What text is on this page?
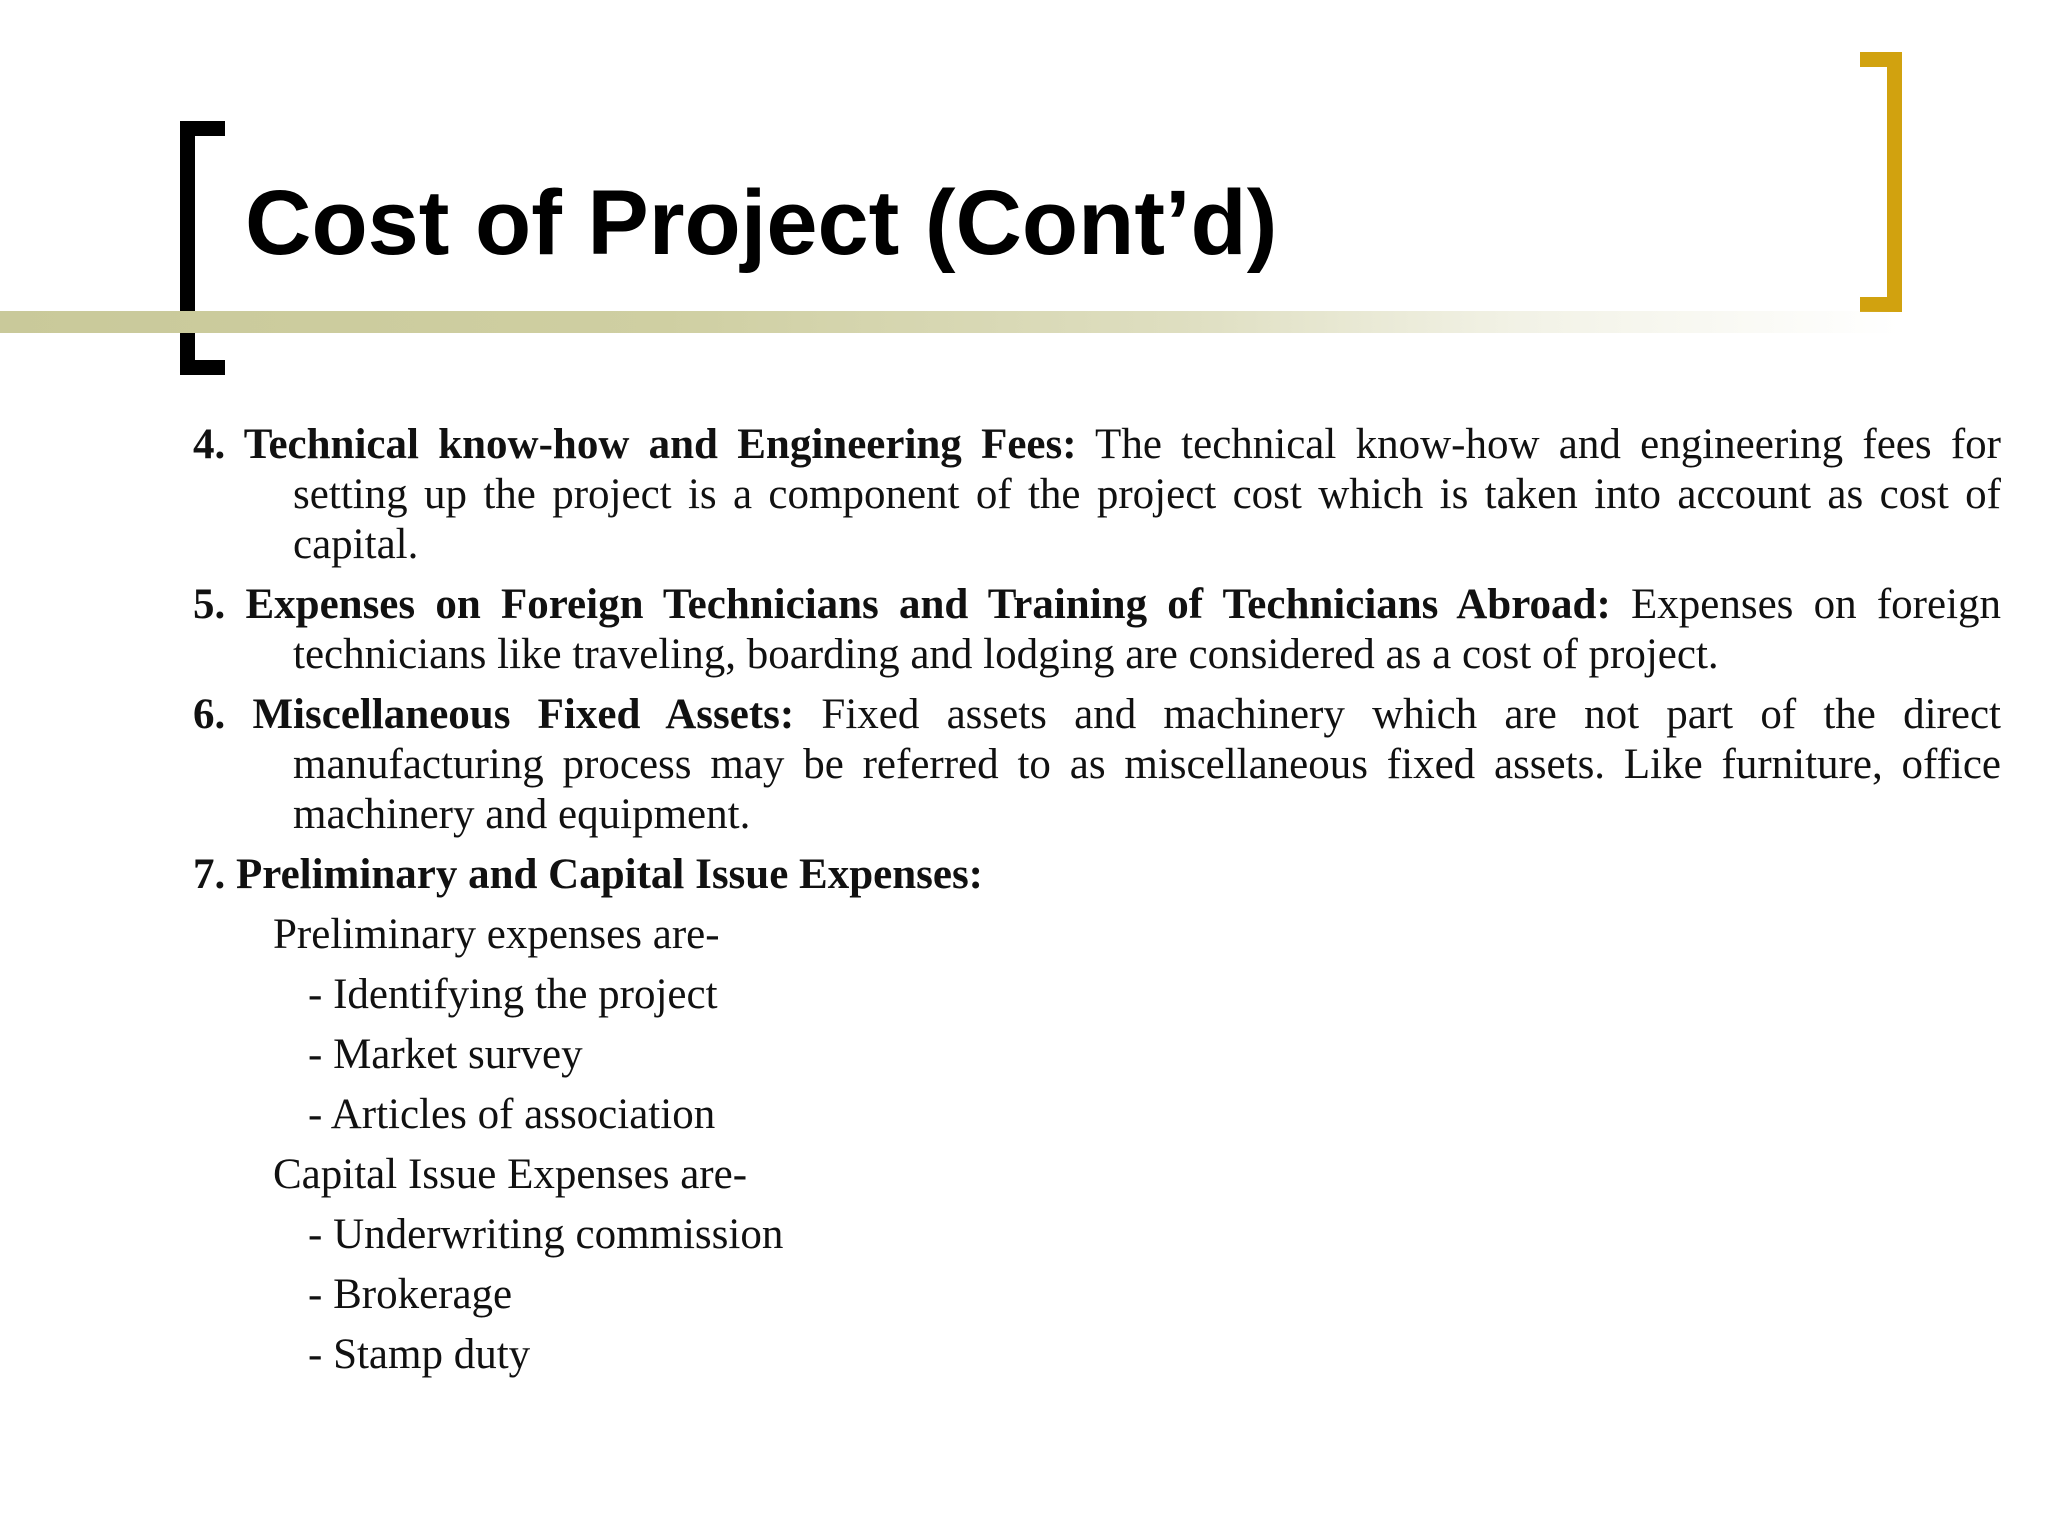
Cost of Project (Cont’d)

4. Technical know-how and Engineering Fees: The technical know-how and engineering fees for setting up the project is a component of the project cost which is taken into account as cost of capital.

5. Expenses on Foreign Technicians and Training of Technicians Abroad: Expenses on foreign technicians like traveling, boarding and lodging are considered as a cost of project.

6. Miscellaneous Fixed Assets: Fixed assets and machinery which are not part of the direct manufacturing process may be referred to as miscellaneous fixed assets. Like furniture, office machinery and equipment.

7. Preliminary and Capital Issue Expenses:

Preliminary expenses are-

- Identifying the project

- Market survey

- Articles of association

Capital Issue Expenses are-

- Underwriting commission

- Brokerage

- Stamp duty
